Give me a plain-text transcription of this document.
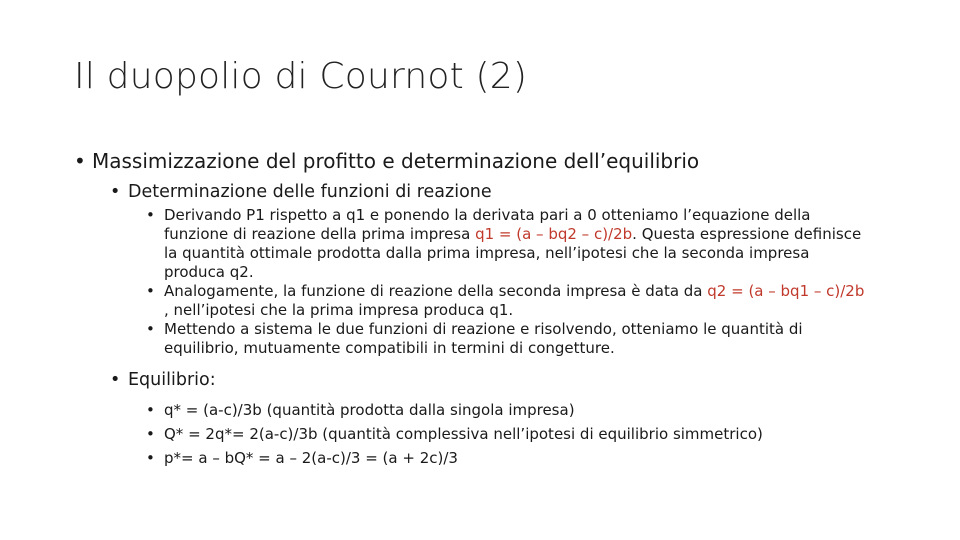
Il duopolio di Cournot (2)
• Massimizzazione del profitto e determinazione dell’equilibrio
• Determinazione delle funzioni di reazione
• Derivando P1 rispetto a q1 e ponendo la derivata pari a 0 otteniamo l’equazione della funzione di reazione della prima impresa q1 = (a – bq2 – c)/2b. Questa espressione definisce la quantità ottimale prodotta dalla prima impresa, nell’ipotesi che la seconda impresa produca q2.
• Analogamente, la funzione di reazione della seconda impresa è data da q2 = (a – bq1 – c)/2b , nell’ipotesi che la prima impresa produca q1.
• Mettendo a sistema le due funzioni di reazione e risolvendo, otteniamo le quantità di equilibrio, mutuamente compatibili in termini di congetture.
• Equilibrio:
• q* = (a-c)/3b (quantità prodotta dalla singola impresa)
• Q* = 2q*= 2(a-c)/3b (quantità complessiva nell’ipotesi di equilibrio simmetrico)
• p*= a – bQ* = a – 2(a-c)/3 = (a + 2c)/3
